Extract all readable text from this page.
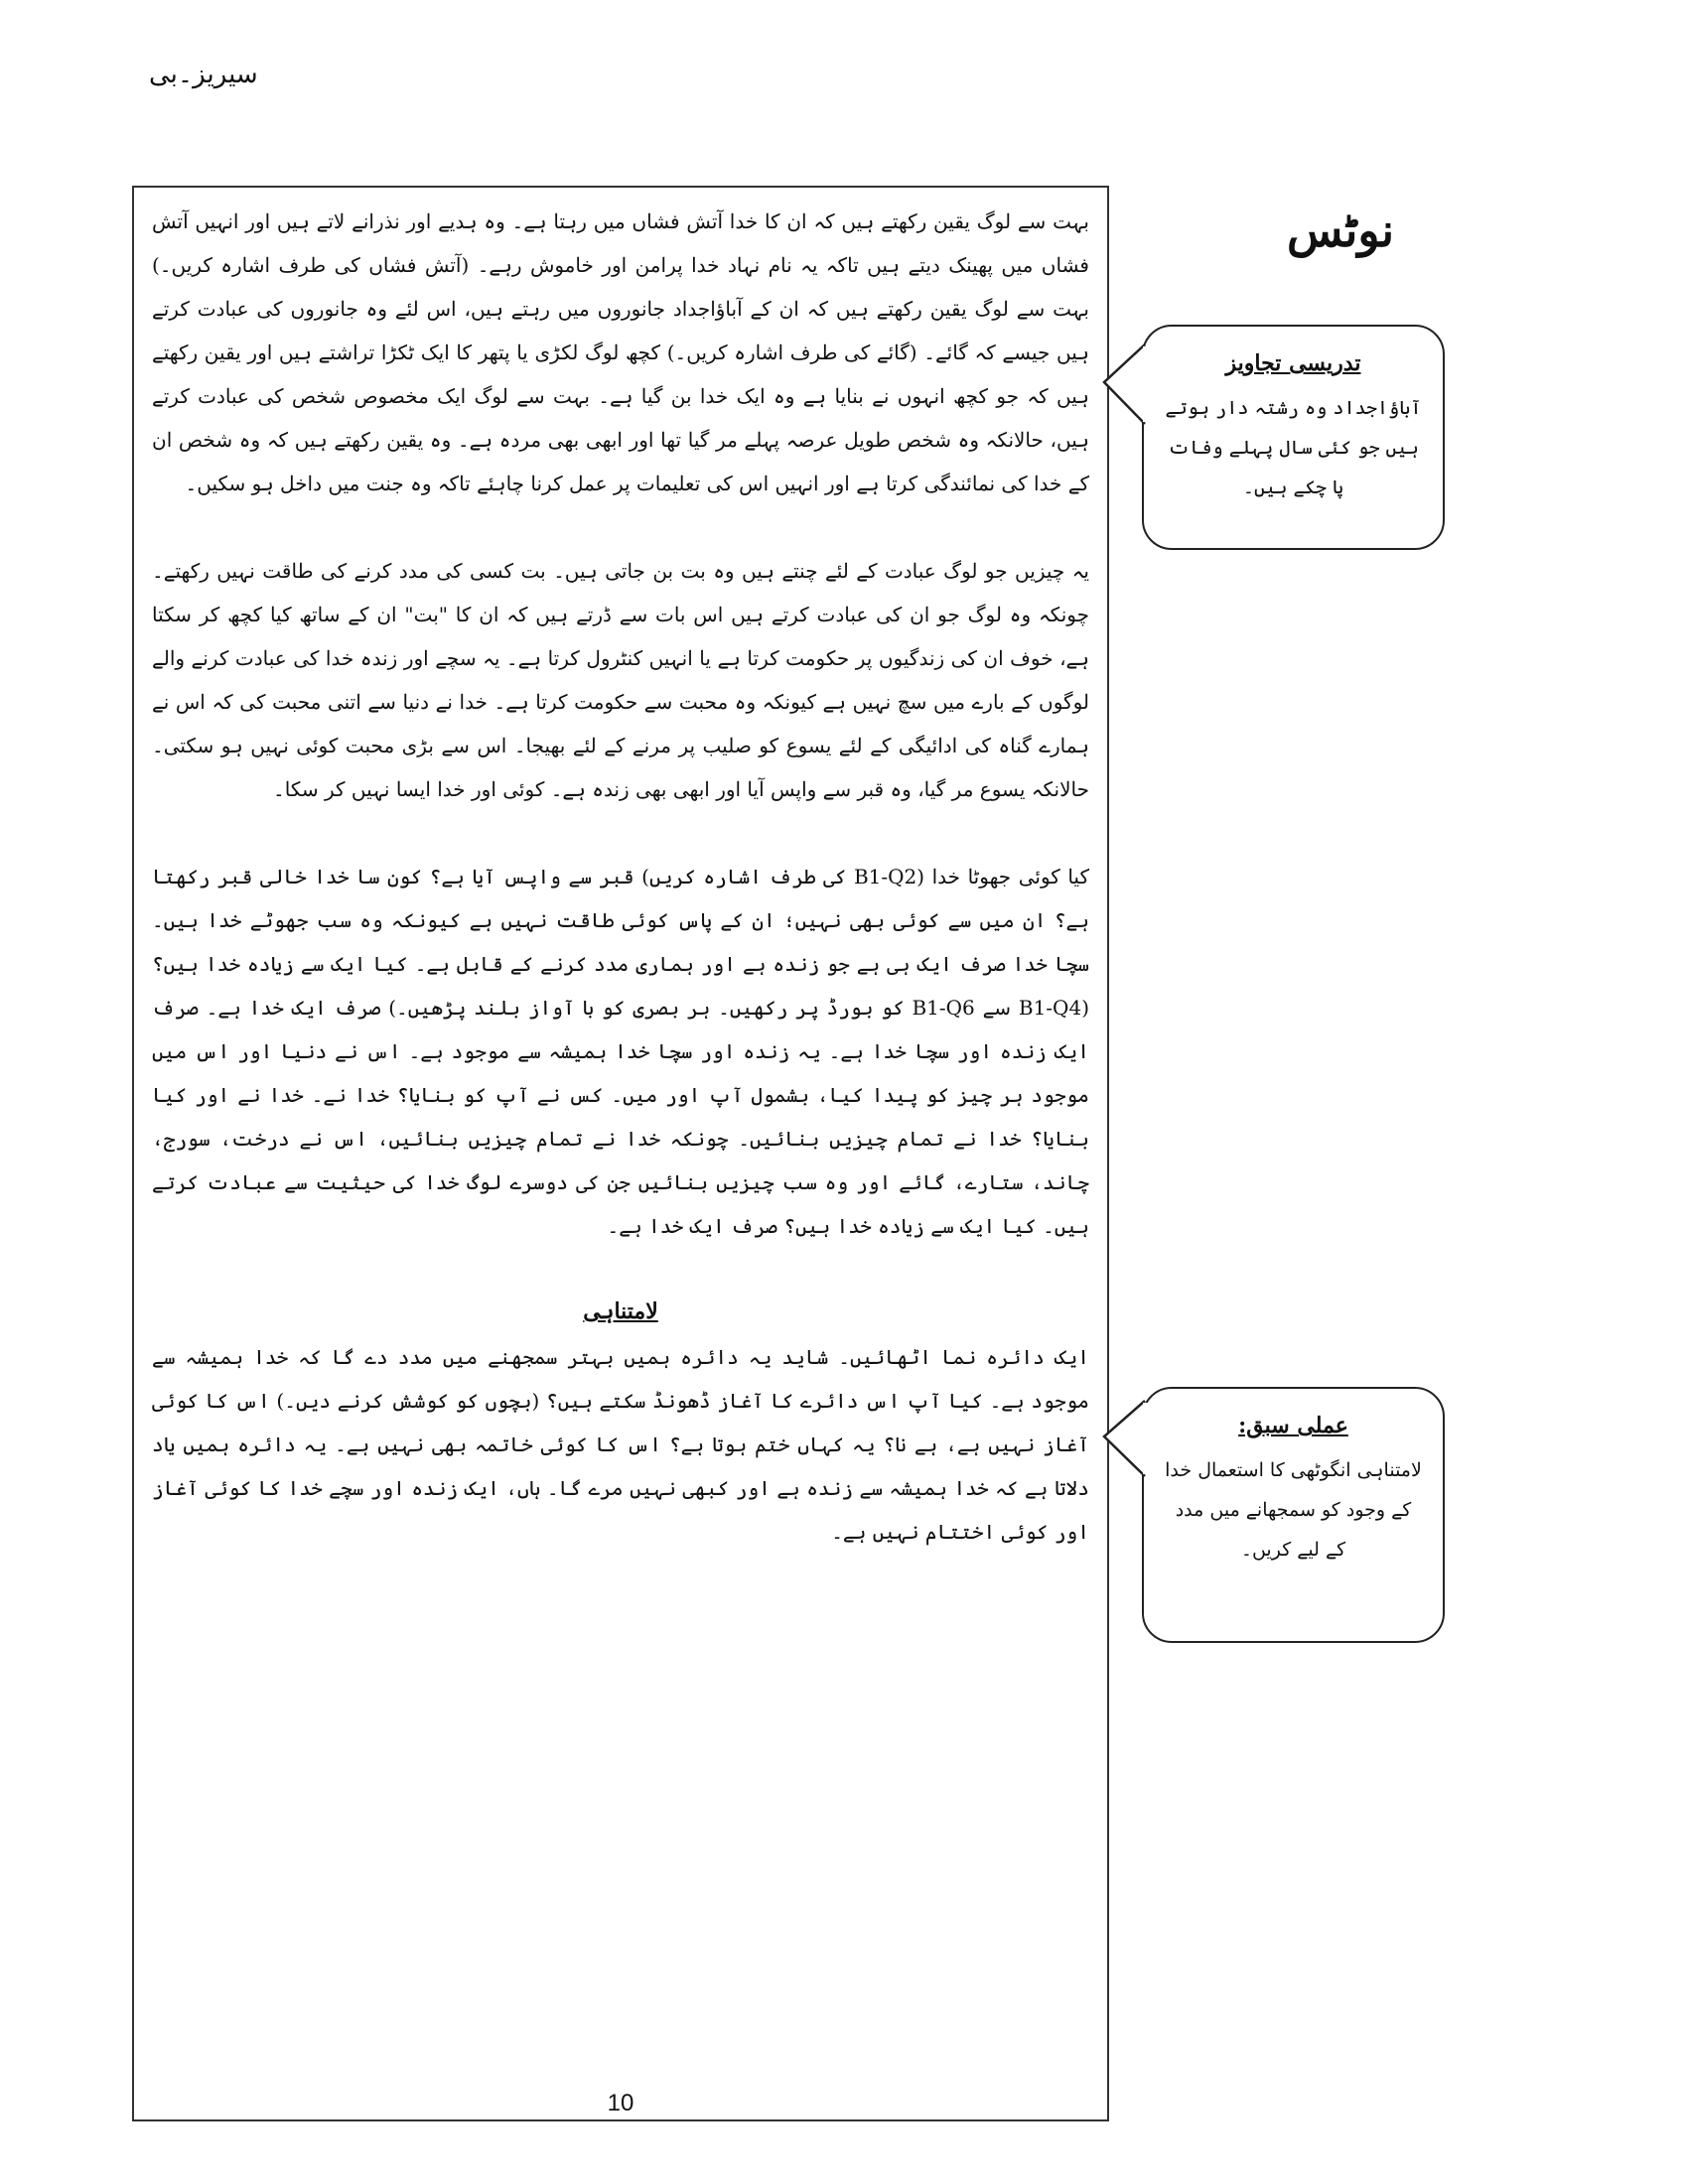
سیریز۔بی

بہت سے لوگ یقین رکھتے ہیں کہ ان کا خدا آتش فشاں میں رہتا ہے۔ وہ ہدیے اور نذرانے لاتے ہیں اور انہیں آتش فشاں میں پھینک دیتے ہیں تاکہ یہ نام نہاد خدا پرامن اور خاموش رہے۔ (آتش فشاں کی طرف اشارہ کریں۔) بہت سے لوگ یقین رکھتے ہیں کہ ان کے آباؤاجداد جانوروں میں رہتے ہیں، اس لئے وہ جانوروں کی عبادت کرتے ہیں جیسے کہ گائے۔ (گائے کی طرف اشارہ کریں۔) کچھ لوگ لکڑی یا پتھر کا ایک ٹکڑا تراشتے ہیں اور یقین رکھتے ہیں کہ جو کچھ انہوں نے بنایا ہے وہ ایک خدا بن گیا ہے۔ بہت سے لوگ ایک مخصوص شخص کی عبادت کرتے ہیں، حالانکہ وہ شخص طویل عرصہ پہلے مر گیا تھا اور ابھی بھی مردہ ہے۔ وہ یقین رکھتے ہیں کہ وہ شخص ان کے خدا کی نمائندگی کرتا ہے اور انہیں اس کی تعلیمات پر عمل کرنا چاہئے تاکہ وہ جنت میں داخل ہو سکیں۔

یہ چیزیں جو لوگ عبادت کے لئے چنتے ہیں وہ بت بن جاتی ہیں۔ بت کسی کی مدد کرنے کی طاقت نہیں رکھتے۔ چونکہ وہ لوگ جو ان کی عبادت کرتے ہیں اس بات سے ڈرتے ہیں کہ ان کا "بت" ان کے ساتھ کیا کچھ کر سکتا ہے، خوف ان کی زندگیوں پر حکومت کرتا ہے یا انہیں کنٹرول کرتا ہے۔ یہ سچے اور زندہ خدا کی عبادت کرنے والے لوگوں کے بارے میں سچ نہیں ہے کیونکہ وہ محبت سے حکومت کرتا ہے۔ خدا نے دنیا سے اتنی محبت کی کہ اس نے ہمارے گناہ کی ادائیگی کے لئے یسوع کو صلیب پر مرنے کے لئے بھیجا۔ اس سے بڑی محبت کوئی نہیں ہو سکتی۔ حالانکہ یسوع مر گیا، وہ قبر سے واپس آیا اور ابھی بھی زندہ ہے۔ کوئی اور خدا ایسا نہیں کر سکا۔

کیا کوئی جھوٹا خدا (B1-Q2 کی طرف اشارہ کریں) قبر سے واپس آیا ہے؟ کون سا خدا خالی قبر رکھتا ہے؟ ان میں سے کوئی بھی نہیں؛ ان کے پاس کوئی طاقت نہیں ہے کیونکہ وہ سب جھوٹے خدا ہیں۔ سچا خدا صرف ایک ہی ہے جو زندہ ہے اور ہماری مدد کرنے کے قابل ہے۔ کیا ایک سے زیادہ خدا ہیں؟ (B1-Q4 سے B1-Q6 کو بورڈ پر رکھیں۔ ہر بصری کو با آواز بلند پڑھیں۔) صرف ایک خدا ہے۔ صرف ایک زندہ اور سچا خدا ہے۔ یہ زندہ اور سچا خدا ہمیشہ سے موجود ہے۔ اس نے دنیا اور اس میں موجود ہر چیز کو پیدا کیا، بشمول آپ اور میں۔ کس نے آپ کو بنایا؟ خدا نے۔ خدا نے اور کیا بنایا؟ خدا نے تمام چیزیں بنائیں۔ چونکہ خدا نے تمام چیزیں بنائیں، اس نے درخت، سورج، چاند، ستارے، گائے اور وہ سب چیزیں بنائیں جن کی دوسرے لوگ خدا کی حیثیت سے عبادت کرتے ہیں۔ کیا ایک سے زیادہ خدا ہیں؟ صرف ایک خدا ہے۔

لامتناہی

ایک دائرہ نما اٹھائیں۔ شاید یہ دائرہ ہمیں بہتر سمجھنے میں مدد دے گا کہ خدا ہمیشہ سے موجود ہے۔ کیا آپ اس دائرے کا آغاز ڈھونڈ سکتے ہیں؟ (بچوں کو کوشش کرنے دیں۔) اس کا کوئی آغاز نہیں ہے، ہے نا؟ یہ کہاں ختم ہوتا ہے؟ اس کا کوئی خاتمہ بھی نہیں ہے۔ یہ دائرہ ہمیں یاد دلاتا ہے کہ خدا ہمیشہ سے زندہ ہے اور کبھی نہیں مرے گا۔ ہاں، ایک زندہ اور سچے خدا کا کوئی آغاز اور کوئی اختتام نہیں ہے۔

10
نوٹس
تدریسی تجاویز

آباؤاجداد وہ رشتہ دار ہوتے ہیں جو کئی سال پہلے وفات پا چکے ہیں۔

عملی سبق:

لامتناہی انگوٹھی کا استعمال خدا کے وجود کو سمجھانے میں مدد کے لیے کریں۔
